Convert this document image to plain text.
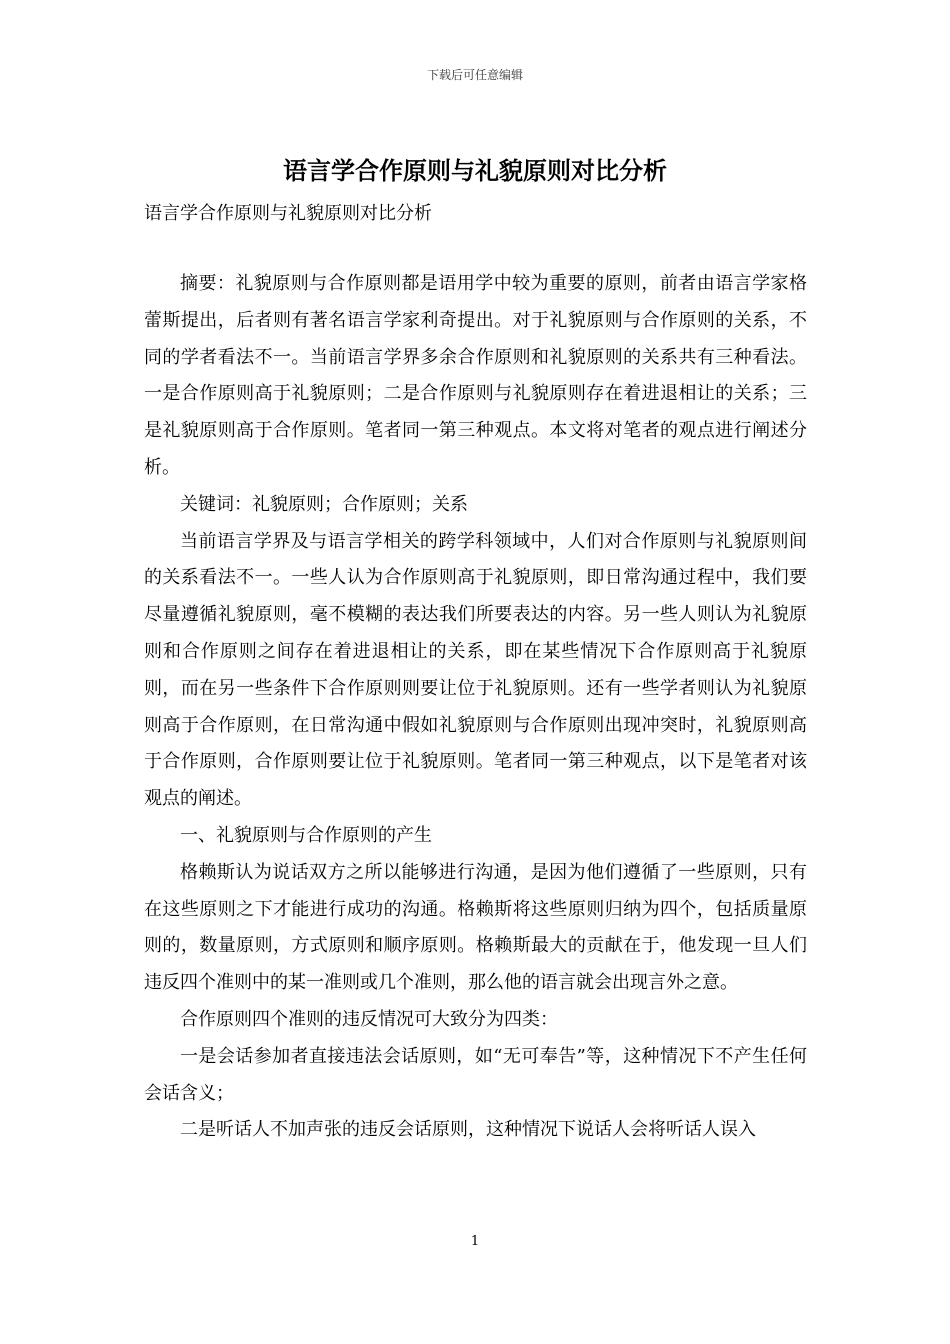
下载后可任意编辑
语言学合作原则与礼貌原则对比分析
语言学合作原则与礼貌原则对比分析

摘要：礼貌原则与合作原则都是语用学中较为重要的原则，前者由语言学家格蕾斯提出，后者则有著名语言学家利奇提出。对于礼貌原则与合作原则的关系，不同的学者看法不一。当前语言学界多余合作原则和礼貌原则的关系共有三种看法。一是合作原则高于礼貌原则；二是合作原则与礼貌原则存在着进退相让的关系；三是礼貌原则高于合作原则。笔者同一第三种观点。本文将对笔者的观点进行阐述分析。

关键词：礼貌原则；合作原则；关系

当前语言学界及与语言学相关的跨学科领域中，人们对合作原则与礼貌原则间的关系看法不一。一些人认为合作原则高于礼貌原则，即日常沟通过程中，我们要尽量遵循礼貌原则，毫不模糊的表达我们所要表达的内容。另一些人则认为礼貌原则和合作原则之间存在着进退相让的关系，即在某些情况下合作原则高于礼貌原则，而在另一些条件下合作原则则要让位于礼貌原则。还有一些学者则认为礼貌原则高于合作原则，在日常沟通中假如礼貌原则与合作原则出现冲突时，礼貌原则高于合作原则，合作原则要让位于礼貌原则。笔者同一第三种观点，以下是笔者对该观点的阐述。

一、礼貌原则与合作原则的产生

格赖斯认为说话双方之所以能够进行沟通，是因为他们遵循了一些原则，只有在这些原则之下才能进行成功的沟通。格赖斯将这些原则归纳为四个，包括质量原则的，数量原则，方式原则和顺序原则。格赖斯最大的贡献在于，他发现一旦人们违反四个准则中的某一准则或几个准则，那么他的语言就会出现言外之意。

合作原则四个准则的违反情况可大致分为四类：

一是会话参加者直接违法会话原则，如“无可奉告”等，这种情况下不产生任何会话含义；

二是听话人不加声张的违反会话原则，这种情况下说话人会将听话人误入

1
